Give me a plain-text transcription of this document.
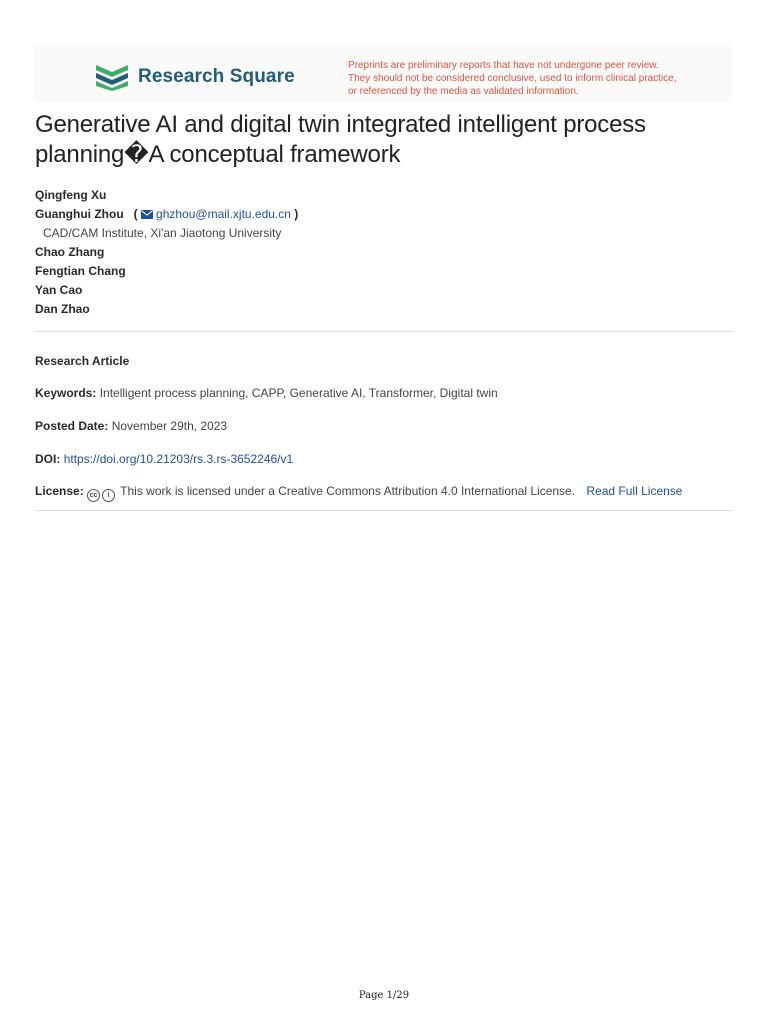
Research Square
Preprints are preliminary reports that have not undergone peer review.
They should not be considered conclusive, used to inform clinical practice,
or referenced by the media as validated information.
Generative AI and digital twin integrated intelligent process planning�A conceptual framework
Qingfeng Xu
Guanghui Zhou ( ghzhou@mail.xjtu.edu.cn )
CAD/CAM Institute, Xi'an Jiaotong University
Chao Zhang
Fengtian Chang
Yan Cao
Dan Zhao
Research Article
Keywords: Intelligent process planning, CAPP, Generative AI, Transformer, Digital twin
Posted Date: November 29th, 2023
DOI: https://doi.org/10.21203/rs.3.rs-3652246/v1
License: cc i This work is licensed under a Creative Commons Attribution 4.0 International License. Read Full License
Page 1/29
